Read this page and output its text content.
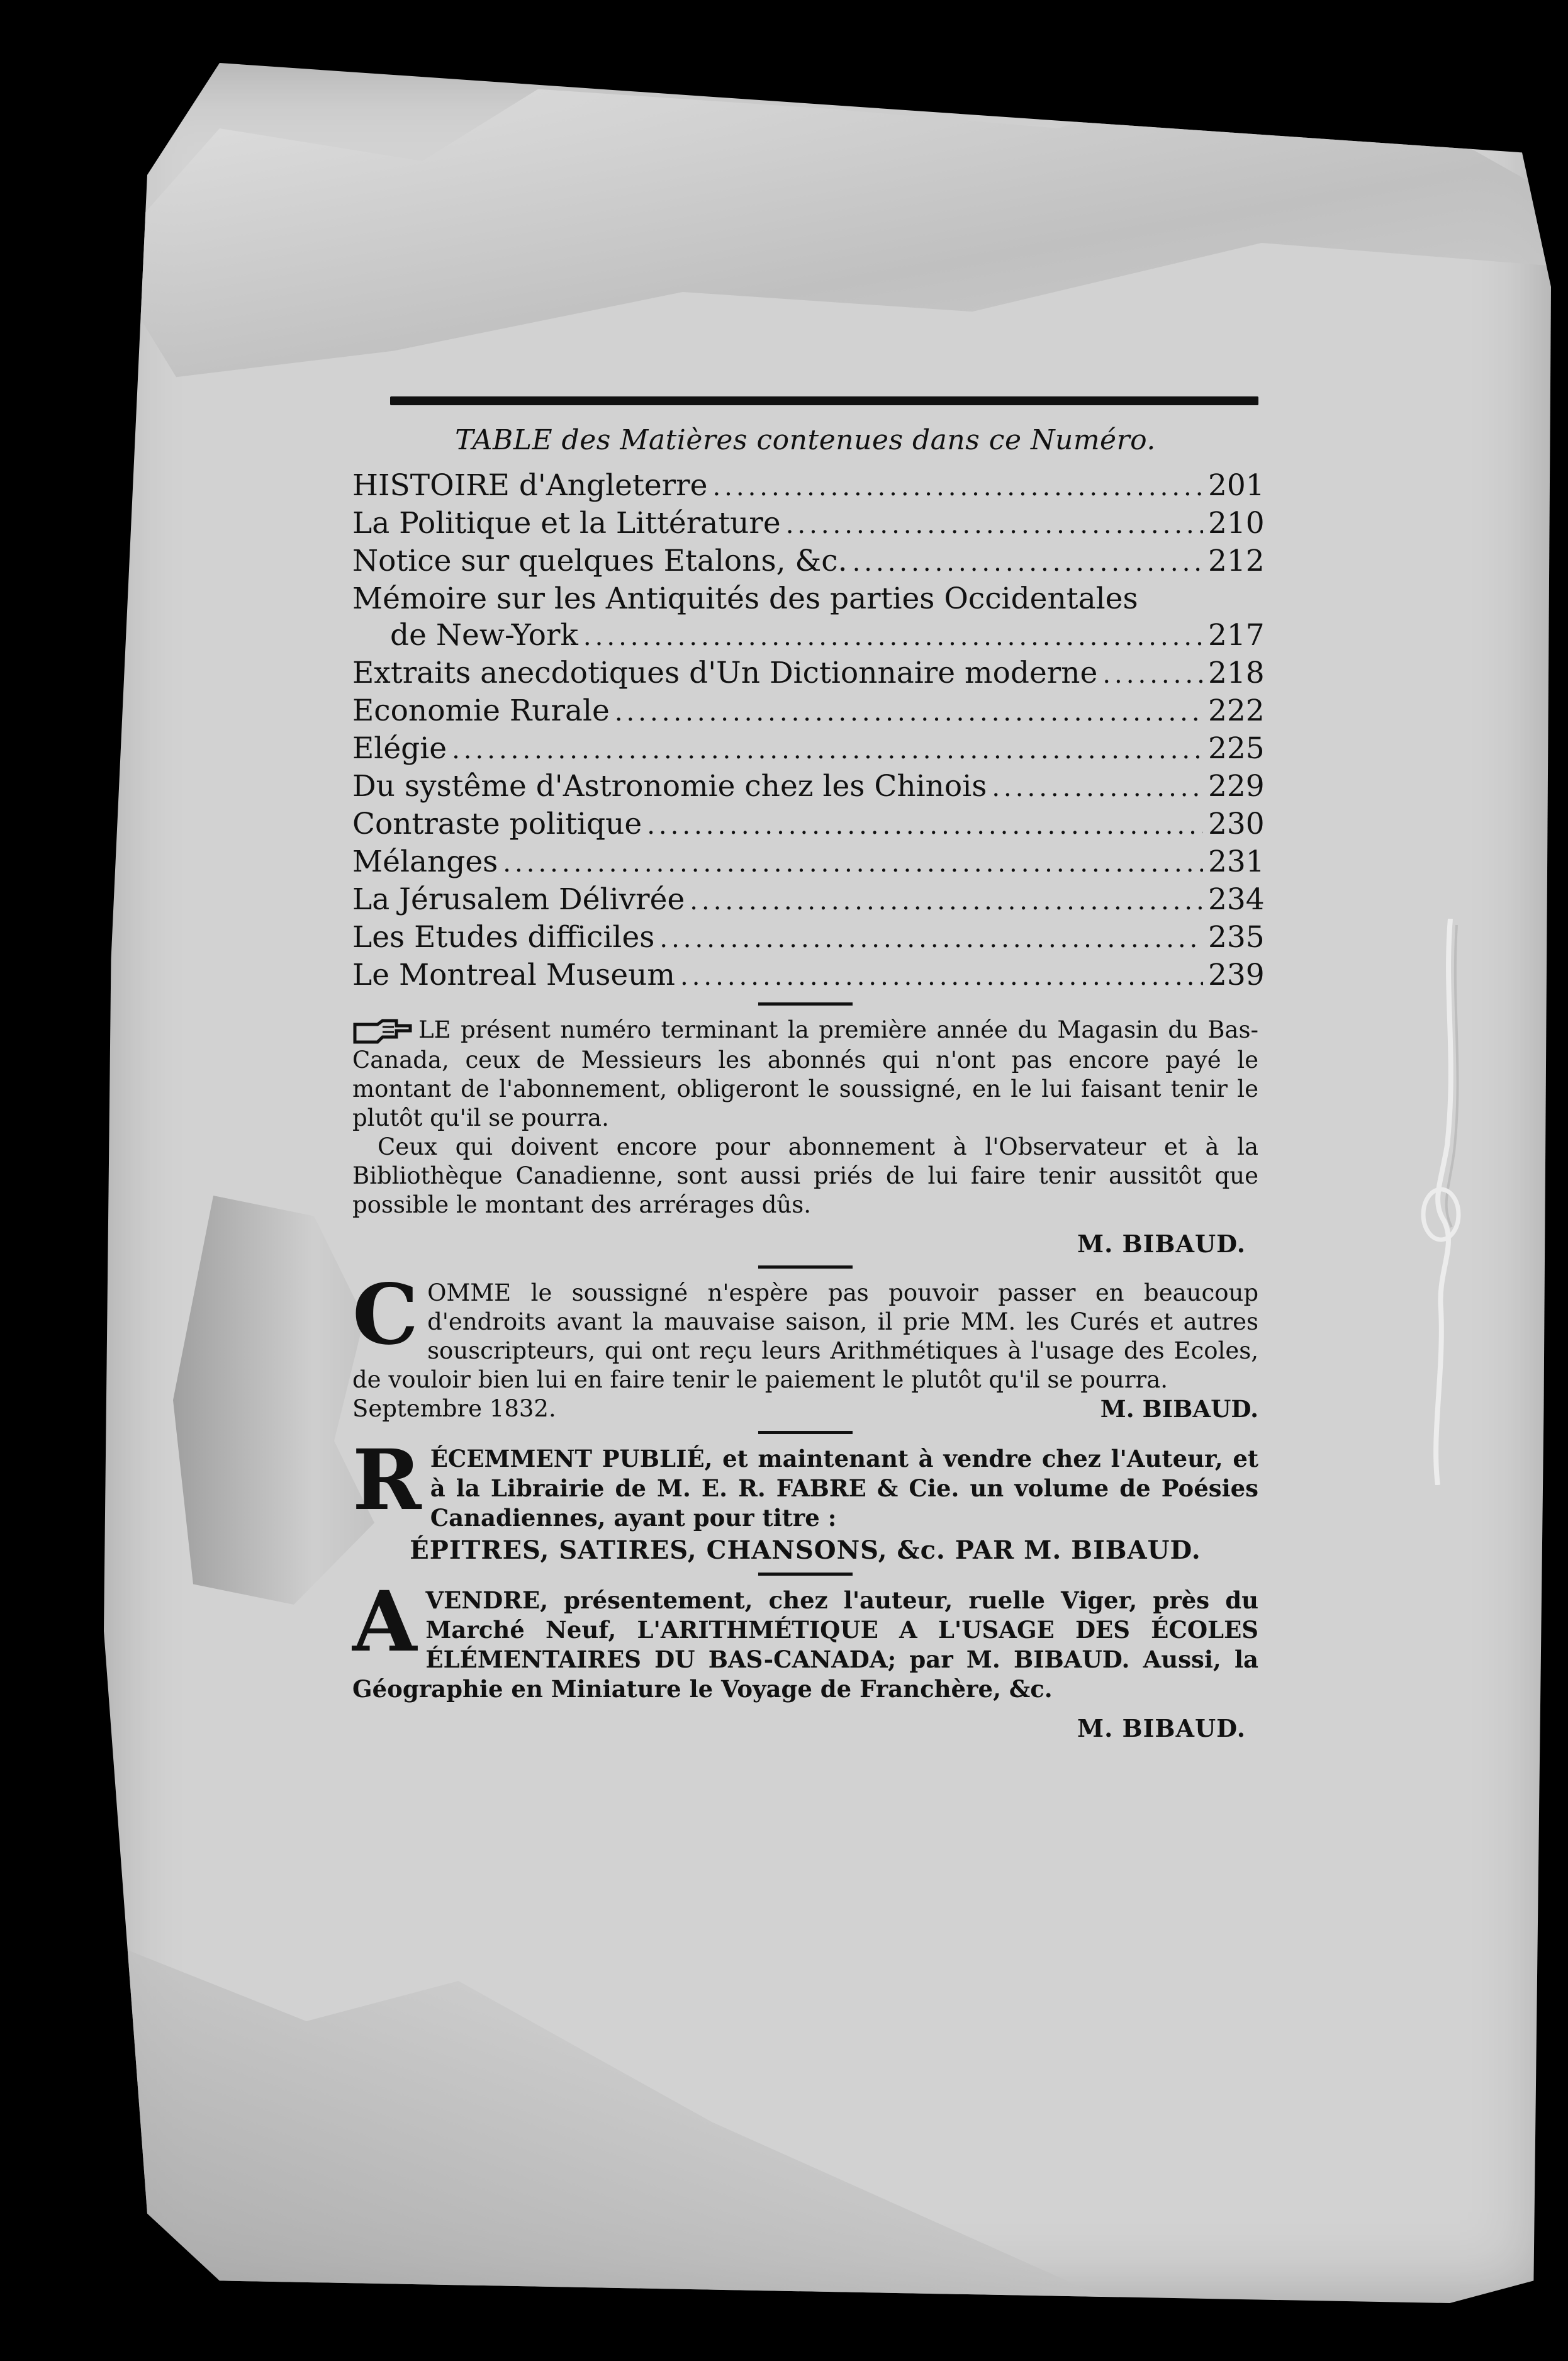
TABLE des Matières contenues dans ce Numéro.
HISTOIRE d'Angleterre .....	201
La Politique et la Littérature .....	210
Notice sur quelques Etalons, &c. .....	212
Mémoire sur les Antiquités des parties Occidentales
de New-York .....	217
Extraits anecdotiques d'Un Dictionnaire moderne .....	218
Economie Rurale .....	222
Elégie .....	225
Du systême d'Astronomie chez les Chinois .....	229
Contraste politique .....	230
Mélanges .....	231
La Jérusalem Délivrée .....	234
Les Etudes difficiles .....	235
Le Montreal Museum .....	239
LE présent numéro terminant la première année du Magasin du Bas-Canada, ceux de Messieurs les abonnés qui n'ont pas encore payé le montant de l'abonnement, obligeront le soussigné, en le lui faisant tenir le plutôt qu'il se pourra.
Ceux qui doivent encore pour abonnement à l'Observateur et à la Bibliothèque Canadienne, sont aussi priés de lui faire tenir aussitôt que possible le montant des arrérages dûs.
M. BIBAUD.
COMME le soussigné n'espère pas pouvoir passer en beaucoup d'endroits avant la mauvaise saison, il prie MM. les Curés et autres souscripteurs, qui ont reçu leurs Arithmétiques à l'usage des Ecoles, de vouloir bien lui en faire tenir le paiement le plutôt qu'il se pourra.
Septembre 1832.	M. BIBAUD.
RÉCEMMENT PUBLIÉ, et maintenant à vendre chez l'Auteur, et à la Librairie de M. E. R. FABRE & Cie. un volume de Poésies Canadiennes, ayant pour titre :
ÉPITRES, SATIRES, CHANSONS, &c. PAR M. BIBAUD.
AVENDRE, présentement, chez l'auteur, ruelle Viger, près du Marché Neuf, L'ARITHMÉTIQUE A L'USAGE DES ÉCOLES ÉLÉMENTAIRES DU BAS-CANADA; par M. BIBAUD. Aussi, la Géographie en Miniature le Voyage de Franchère, &c.
M. BIBAUD.
